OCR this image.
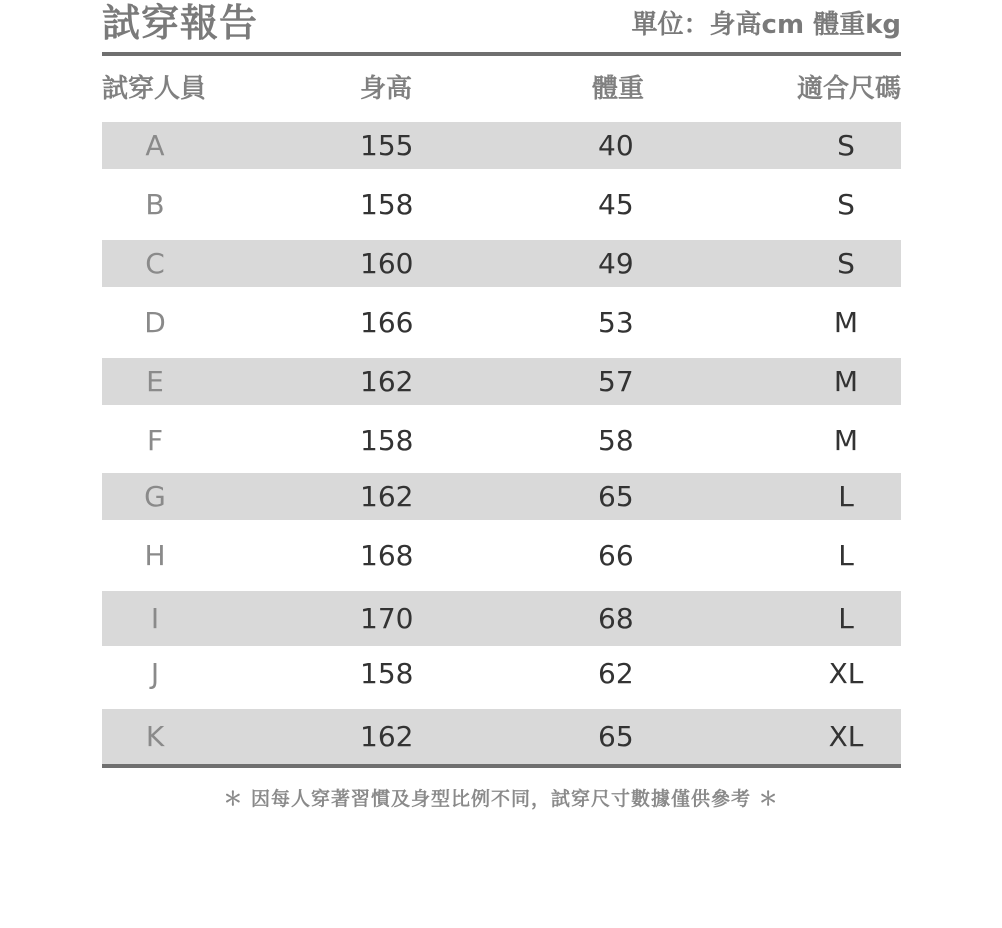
試穿報告	單位：身高cm 體重kg
試穿人員	身高	體重	適合尺碼
A	155	40	S
B	158	45	S
C	160	49	S
D	166	53	M
E	162	57	M
F	158	58	M
G	162	65	L
H	168	66	L
I	170	68	L
J	158	62	XL
K	162	65	XL
＊ 因每人穿著習慣及身型比例不同，試穿尺寸數據僅供參考 ＊
